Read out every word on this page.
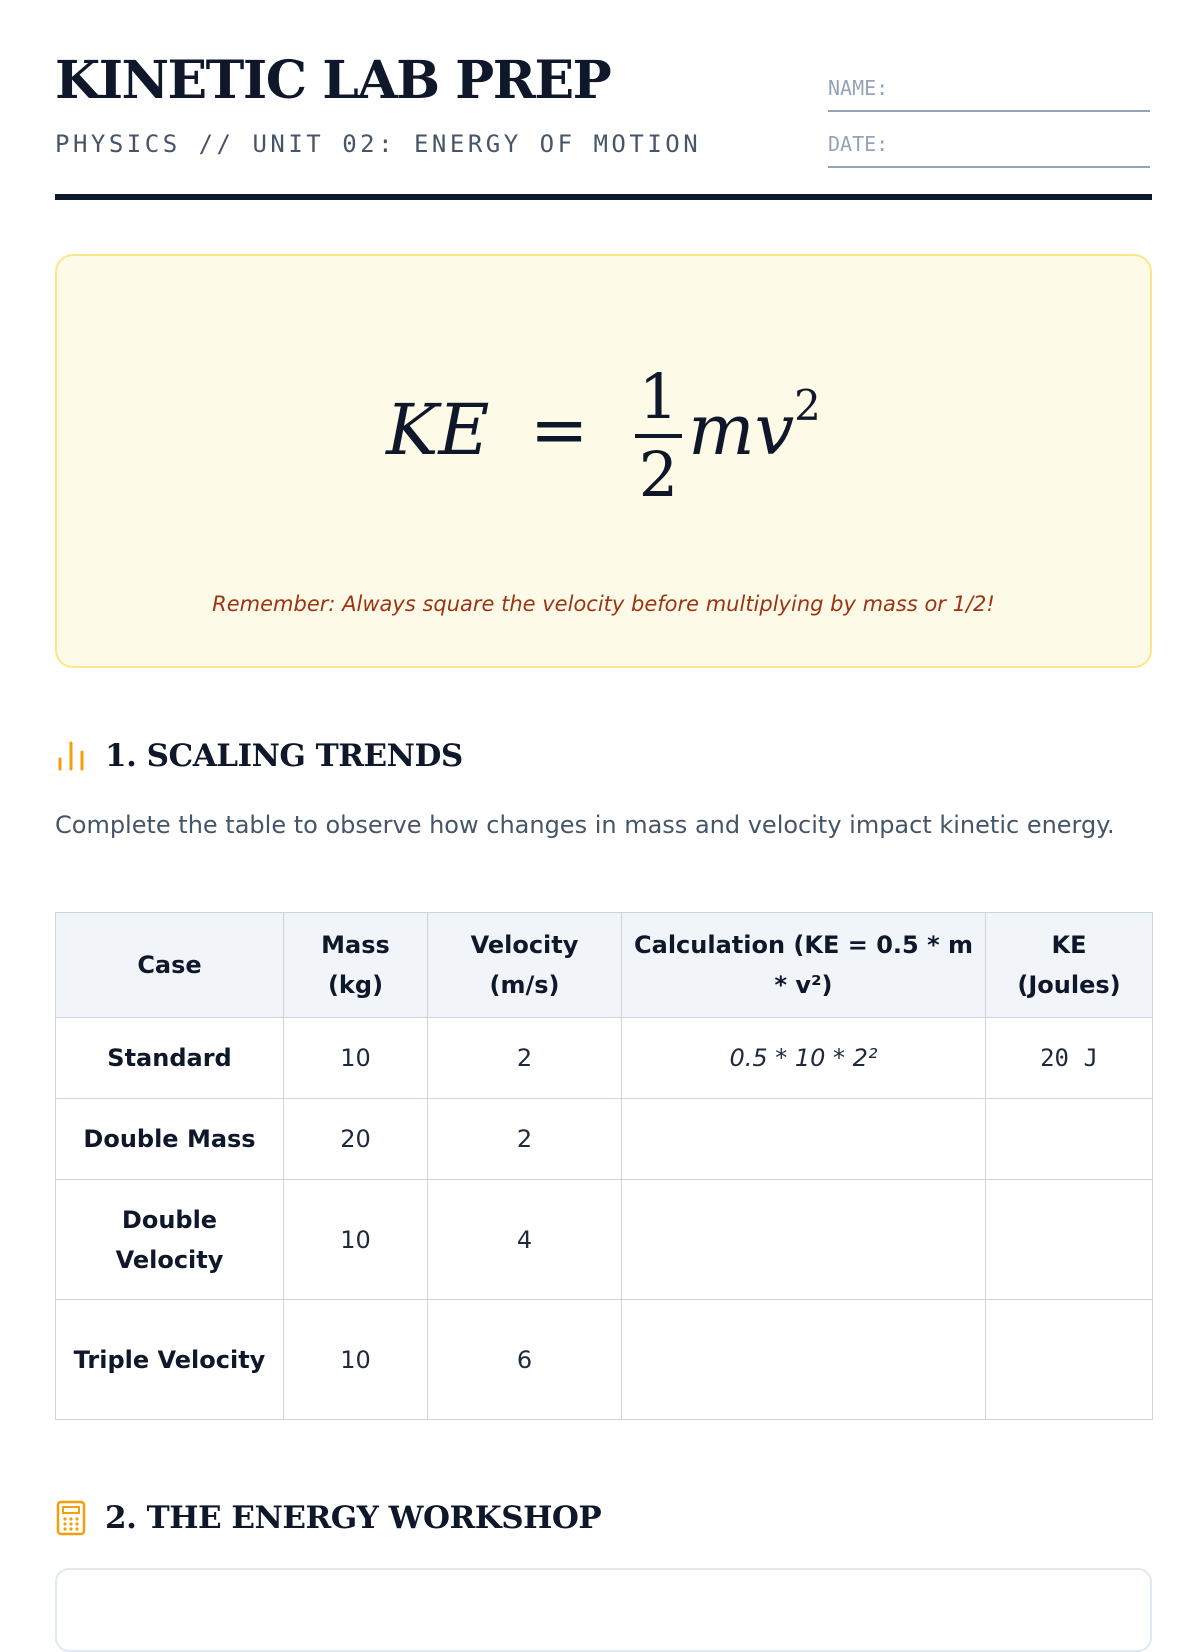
KINETIC LAB PREP
PHYSICS // UNIT 02: ENERGY OF MOTION
NAME:
DATE:
KE = $\frac{1}{2} mv^2$
Remember: Always square the velocity before multiplying by mass or 1/2!
1. SCALING TRENDS
Complete the table to observe how changes in mass and velocity impact kinetic energy.
Case	Mass (kg)	Velocity (m/s)	Calculation (KE = 0.5 * m * v²)	KE (Joules)
Standard	10	2	0.5 * 10 * 2²	20 J
Double Mass	20	2		
Double Velocity	10	4		
Triple Velocity	10	6		
2. THE ENERGY WORKSHOP
